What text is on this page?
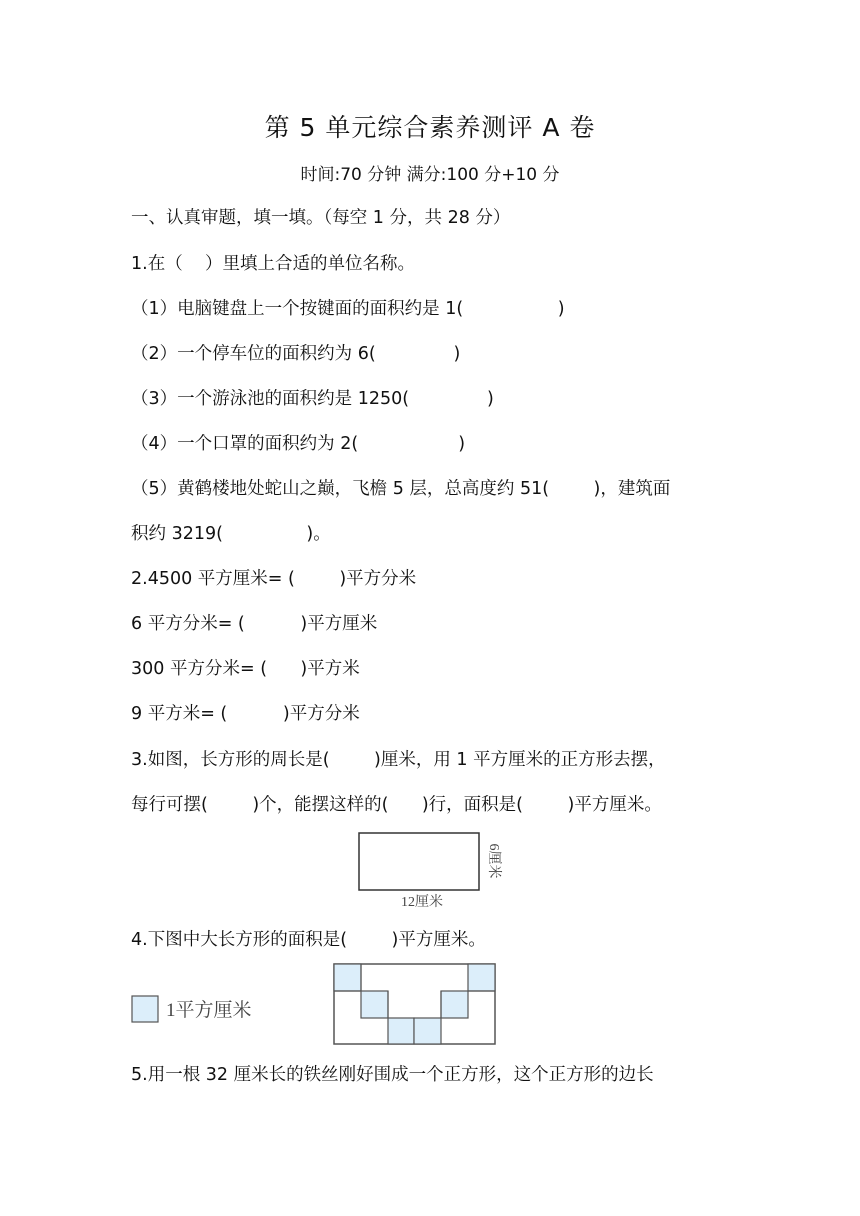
第 5 单元综合素养测评 A 卷
时间:70 分钟 满分:100 分+10 分
一、认真审题，填一填。（每空 1 分，共 28 分）
1.在（    ）里填上合适的单位名称。
（1）电脑键盘上一个按键面的面积约是 1(                 )
（2）一个停车位的面积约为 6(              )
（3）一个游泳池的面积约是 1250(              )
（4）一个口罩的面积约为 2(                  )
（5）黄鹤楼地处蛇山之巅，飞檐 5 层，总高度约 51(        )，建筑面
积约 3219(               )。
2.4500 平方厘米= (        )平方分米
6 平方分米= (          )平方厘米
300 平方分米= (      )平方米
9 平方米= (          )平方分米
3.如图，长方形的周长是(        )厘米，用 1 平方厘米的正方形去摆，
每行可摆(        )个，能摆这样的(      )行，面积是(        )平方厘米。
12厘米
6厘米
4.下图中大长方形的面积是(        )平方厘米。
1平方厘米
5.用一根 32 厘米长的铁丝刚好围成一个正方形，这个正方形的边长
